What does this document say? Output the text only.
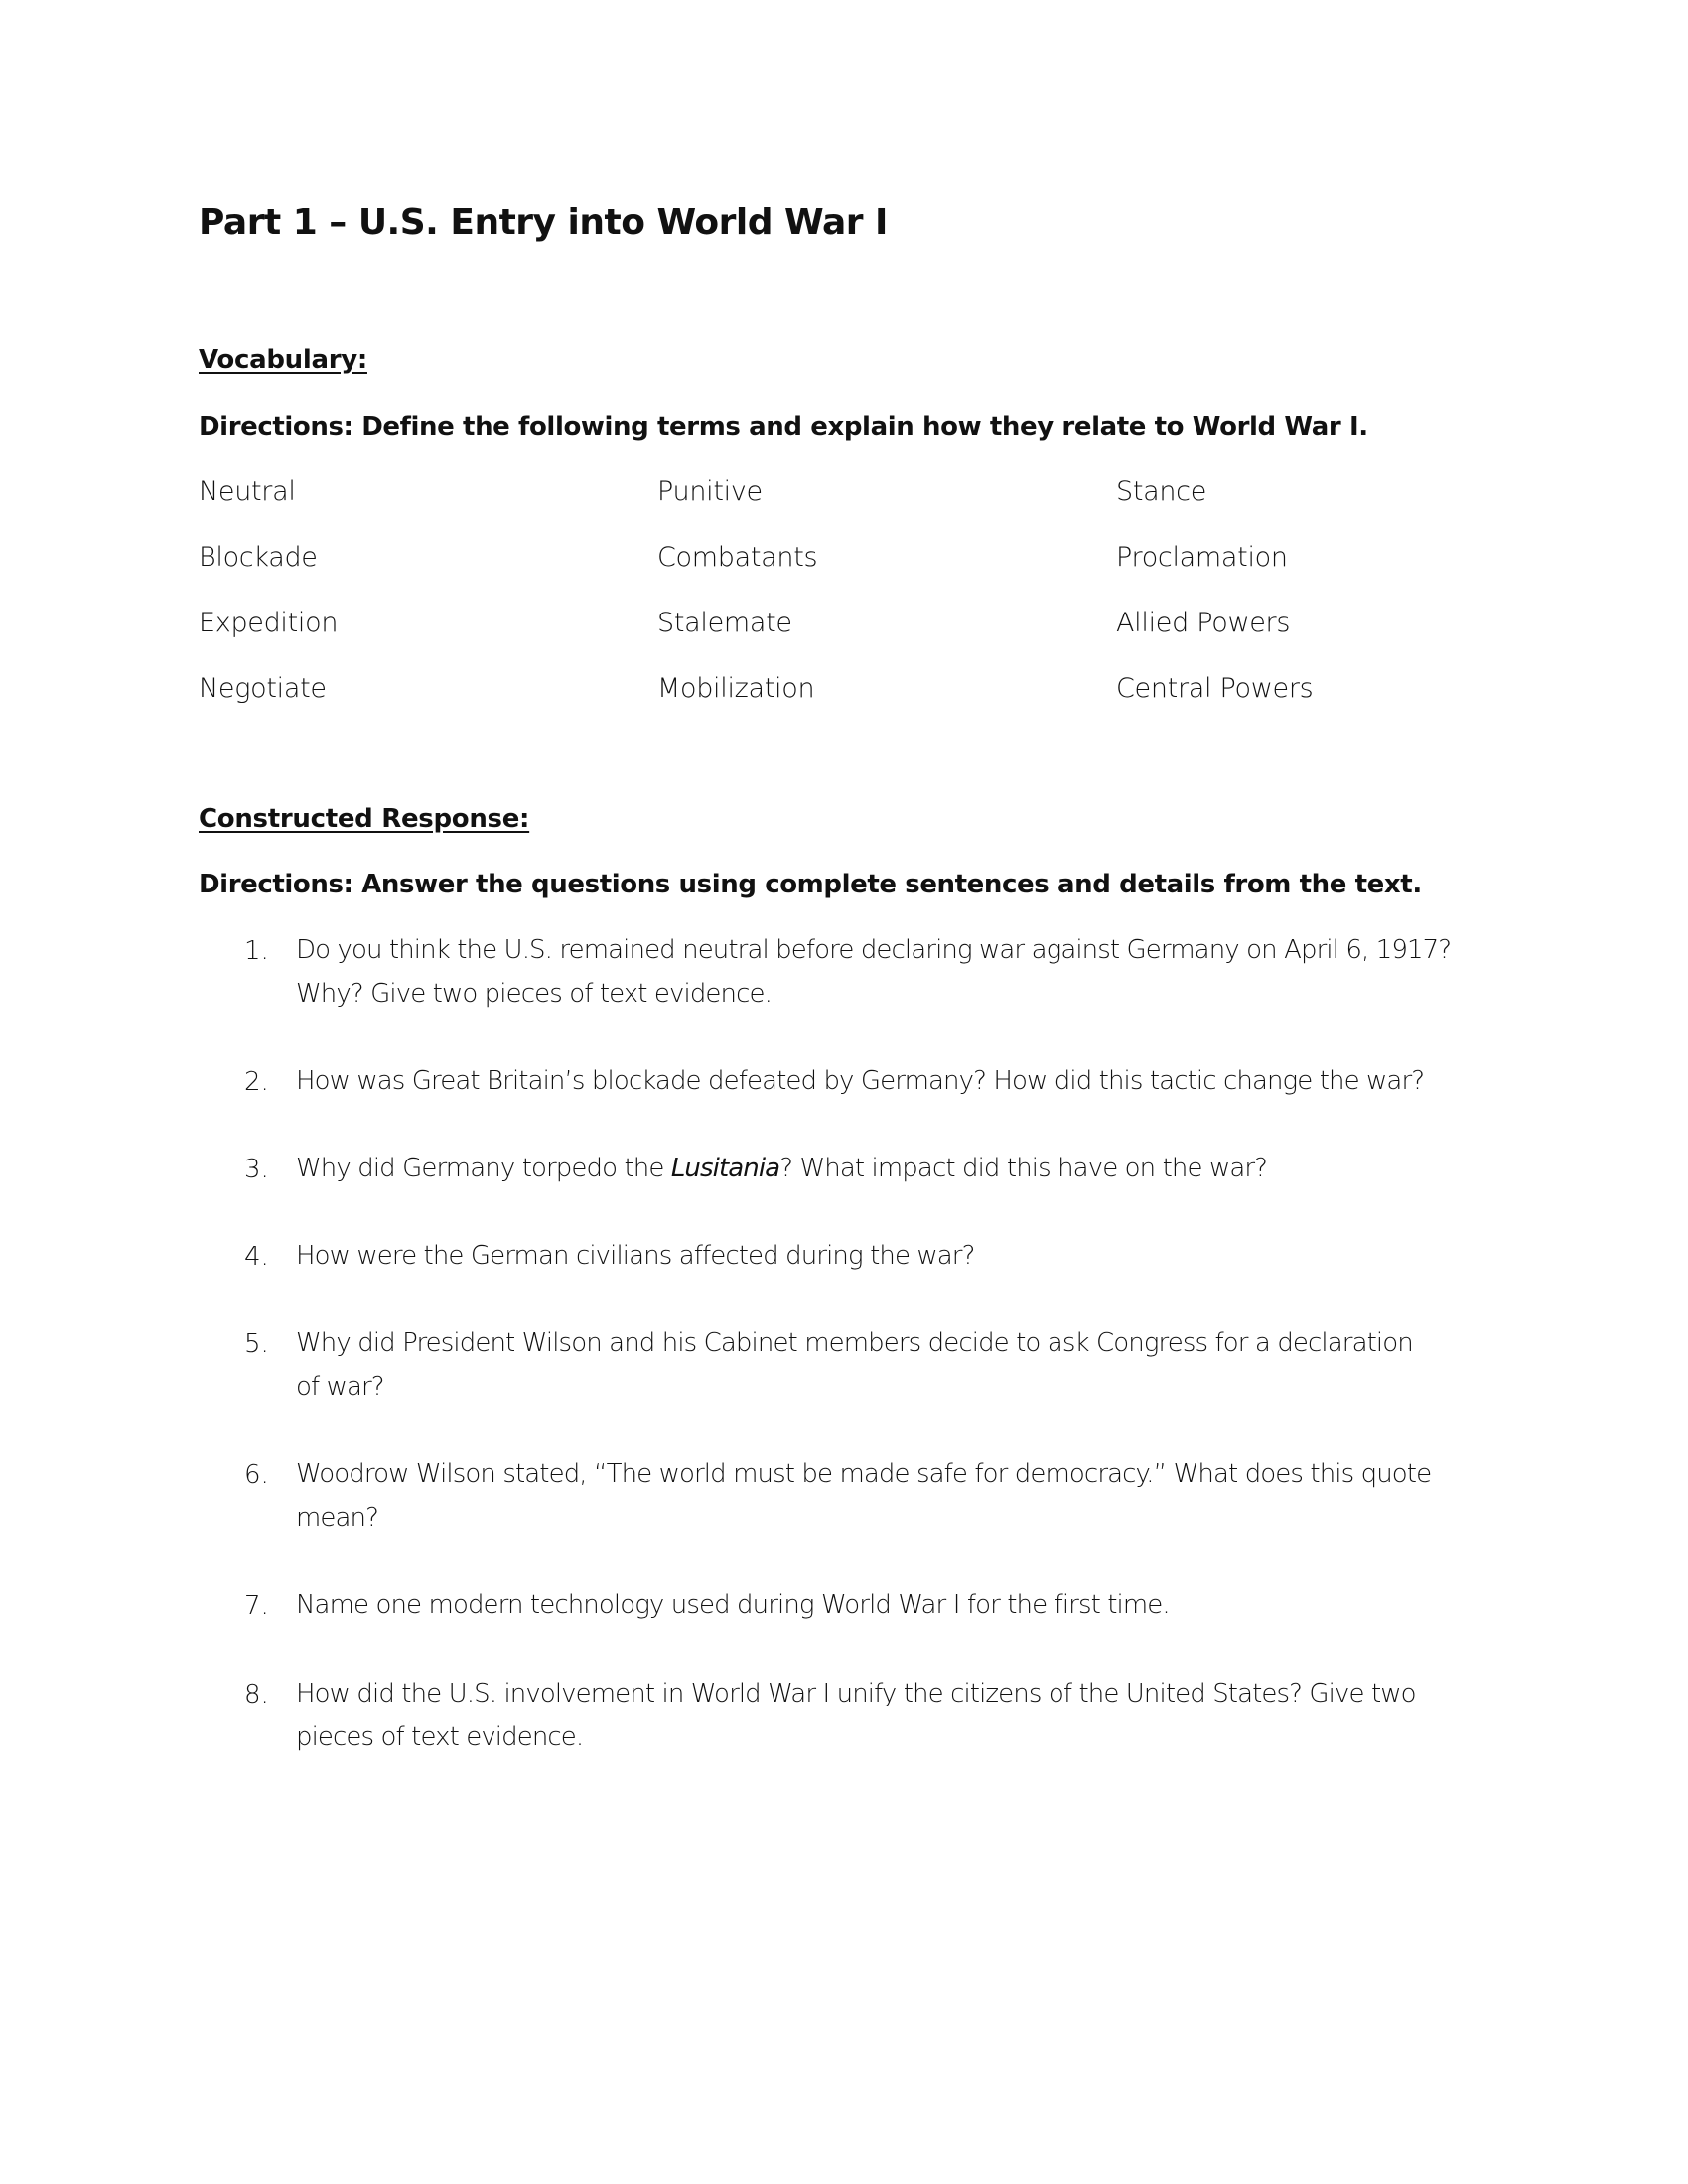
Part 1 – U.S. Entry into World War I
Vocabulary:
Directions: Define the following terms and explain how they relate to World War I.
Neutral	Punitive	Stance
Blockade	Combatants	Proclamation
Expedition	Stalemate	Allied Powers
Negotiate	Mobilization	Central Powers
Constructed Response:
Directions: Answer the questions using complete sentences and details from the text.
1. Do you think the U.S. remained neutral before declaring war against Germany on April 6, 1917?
Why? Give two pieces of text evidence.
2. How was Great Britain’s blockade defeated by Germany? How did this tactic change the war?
3. Why did Germany torpedo the Lusitania? What impact did this have on the war?
4. How were the German civilians affected during the war?
5. Why did President Wilson and his Cabinet members decide to ask Congress for a declaration
of war?
6. Woodrow Wilson stated, “The world must be made safe for democracy.” What does this quote
mean?
7. Name one modern technology used during World War I for the first time.
8. How did the U.S. involvement in World War I unify the citizens of the United States? Give two
pieces of text evidence.
